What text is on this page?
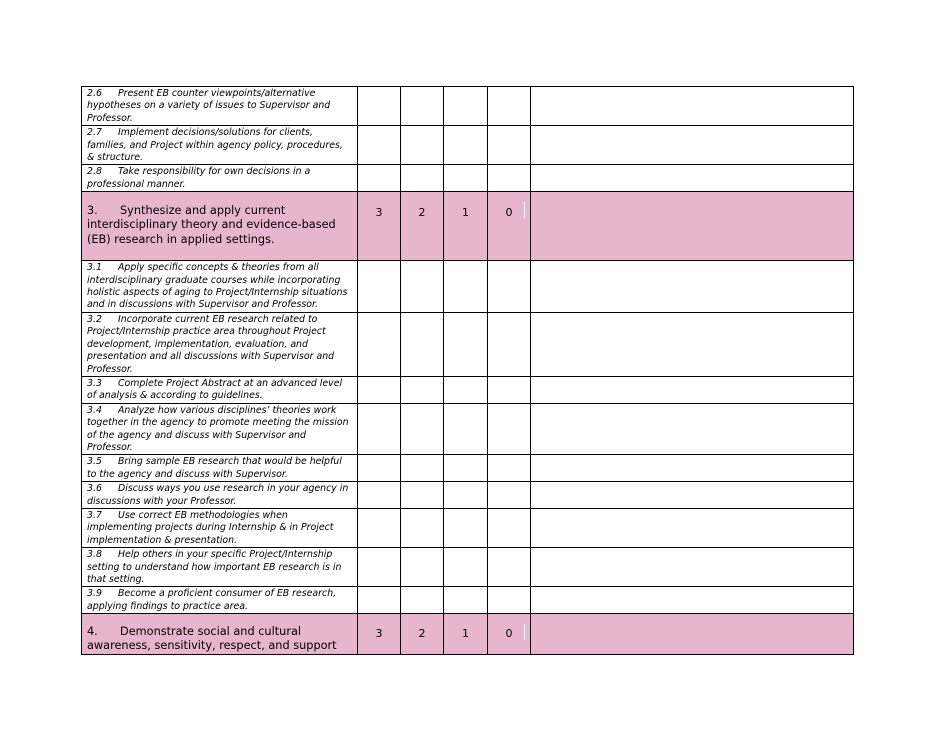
2.6 Present EB counter viewpoints/alternative hypotheses on a variety of issues to Supervisor and Professor.					
2.7 Implement decisions/solutions for clients, families, and Project within agency policy, procedures, & structure.					
2.8 Take responsibility for own decisions in a professional manner.					
3. Synthesize and apply current interdisciplinary theory and evidence-based (EB) research in applied settings.	3	2	1	0

3.1 Apply specific concepts & theories from all interdisciplinary graduate courses while incorporating holistic aspects of aging to Project/Internship situations and in discussions with Supervisor and Professor.					
3.2 Incorporate current EB research related to Project/Internship practice area throughout Project development, implementation, evaluation, and presentation and all discussions with Supervisor and Professor.					
3.3 Complete Project Abstract at an advanced level of analysis & according to guidelines.					
3.4 Analyze how various disciplines’ theories work together in the agency to promote meeting the mission of the agency and discuss with Supervisor and Professor.					
3.5 Bring sample EB research that would be helpful to the agency and discuss with Supervisor.					
3.6 Discuss ways you use research in your agency in discussions with your Professor.					
3.7 Use correct EB methodologies when implementing projects during Internship & in Project implementation & presentation.					
3.8 Help others in your specific Project/Internship setting to understand how important EB research is in that setting.					
3.9 Become a proficient consumer of EB research, applying findings to practice area.					
4. Demonstrate social and cultural awareness, sensitivity, respect, and support	3	2	1	0
